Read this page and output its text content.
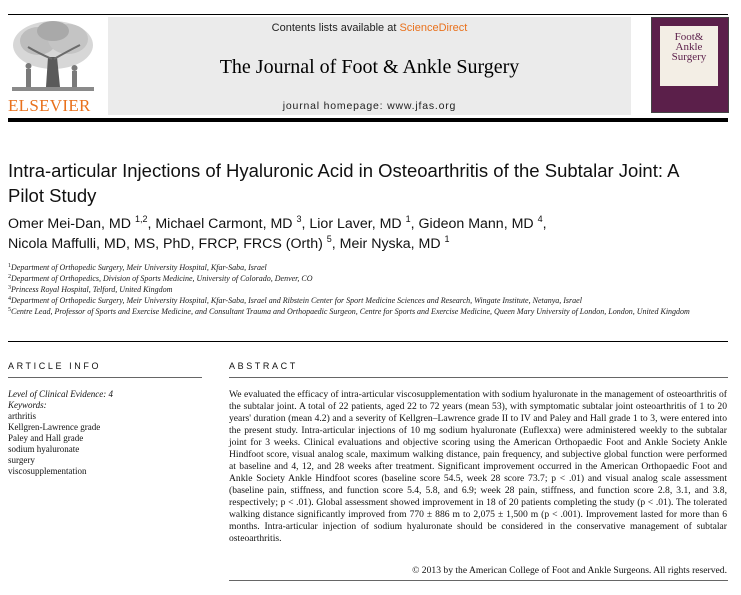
ELSEVIER
Contents lists available at ScienceDirect
The Journal of Foot & Ankle Surgery
journal homepage: www.jfas.org
Foot&
Ankle
Surgery
Intra-articular Injections of Hyaluronic Acid in Osteoarthritis of the Subtalar Joint: A Pilot Study
Omer Mei-Dan, MD $^{1,2}$, Michael Carmont, MD $^3$, Lior Laver, MD $^1$, Gideon Mann, MD $^4$,
Nicola Maffulli, MD, MS, PhD, FRCP, FRCS (Orth) $^5$, Meir Nyska, MD $^1$
$^1$Department of Orthopedic Surgery, Meir University Hospital, Kfar-Saba, Israel
$^2$Department of Orthopedics, Division of Sports Medicine, University of Colorado, Denver, CO
$^3$Princess Royal Hospital, Telford, United Kingdom
$^4$Department of Orthopedic Surgery, Meir University Hospital, Kfar-Saba, Israel and Ribstein Center for Sport Medicine Sciences and Research, Wingate Institute, Netanya, Israel
$^5$Centre Lead, Professor of Sports and Exercise Medicine, and Consultant Trauma and Orthopaedic Surgeon, Centre for Sports and Exercise Medicine, Queen Mary University of London, London, United Kingdom
ARTICLE INFO
Level of Clinical Evidence: 4
Keywords:
arthritis
Kellgren-Lawrence grade
Paley and Hall grade
sodium hyaluronate
surgery
viscosupplementation
ABSTRACT
We evaluated the efficacy of intra-articular viscosupplementation with sodium hyaluronate in the management of osteoarthritis of the subtalar joint. A total of 22 patients, aged 22 to 72 years (mean 53), with symptomatic subtalar joint osteoarthritis of 1 to 20 years' duration (mean 4.2) and a severity of Kellgren–Lawrence grade II to IV and Paley and Hall grade 1 to 3, were entered into the present study. Intra-articular injections of 10 mg sodium hyaluronate (Euflexxa) were administered weekly to the subtalar joint for 3 weeks. Clinical evaluations and objective scoring using the American Orthopaedic Foot and Ankle Society Ankle Hindfoot score, visual analog scale, maximum walking distance, pain frequency, and subjective global function were performed at baseline and 4, 12, and 28 weeks after treatment. Significant improvement occurred in the American Orthopaedic Foot and Ankle Society Ankle Hindfoot scores (baseline score 54.5, week 28 score 73.7; p < .01) and visual analog scale assessment (baseline pain, stiffness, and function score 5.4, 5.8, and 6.9; week 28 pain, stiffness, and function score 2.8, 3.1, and 3.8, respectively; p < .01). Global assessment showed improvement in 18 of 20 patients completing the study (p < .01). The tolerated walking distance significantly improved from 770 ± 886 m to 2,075 ± 1,500 m (p < .001). Improvement lasted for more than 6 months. Intra-articular injection of sodium hyaluronate should be considered in the conservative management of subtalar osteoarthritis.
© 2013 by the American College of Foot and Ankle Surgeons. All rights reserved.
